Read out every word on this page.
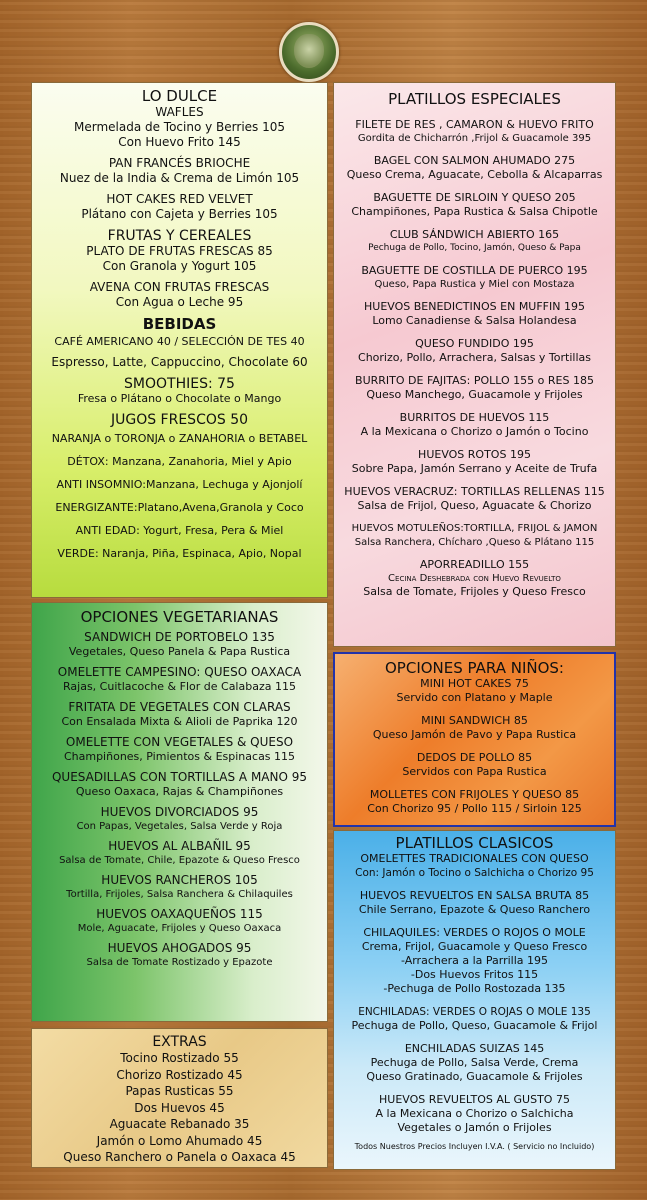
LO DULCE
WAFLES
Mermelada de Tocino y Berries 105
Con Huevo Frito 145
PAN FRANCÉS BRIOCHE
Nuez de la India & Crema de Limón 105
HOT CAKES RED VELVET
Plátano con Cajeta y Berries 105
FRUTAS Y CEREALES
PLATO DE FRUTAS FRESCAS 85
Con Granola y Yogurt 105
AVENA CON FRUTAS FRESCAS
Con Agua o Leche 95
BEBIDAS
CAFÉ AMERICANO 40 / SELECCIÓN DE TES 40
Espresso, Latte, Cappuccino, Chocolate 60
SMOOTHIES: 75
Fresa o Plátano o Chocolate o Mango
JUGOS FRESCOS 50
NARANJA o TORONJA o ZANAHORIA o BETABEL
DÉTOX: Manzana, Zanahoria, Miel y Apio
ANTI INSOMNIO:Manzana, Lechuga y Ajonjolí
ENERGIZANTE:Platano,Avena,Granola y Coco
ANTI EDAD: Yogurt, Fresa, Pera & Miel
VERDE: Naranja, Piña, Espinaca, Apio, Nopal
OPCIONES VEGETARIANAS
SANDWICH DE PORTOBELO 135
Vegetales, Queso Panela & Papa Rustica
OMELETTE CAMPESINO: QUESO OAXACA
Rajas, Cuitlacoche & Flor de Calabaza 115
FRITATA DE VEGETALES CON CLARAS
Con Ensalada Mixta & Alioli de Paprika 120
OMELETTE CON VEGETALES & QUESO
Champiñones, Pimientos & Espinacas 115
QUESADILLAS CON TORTILLAS A MANO 95
Queso Oaxaca, Rajas & Champiñones
HUEVOS DIVORCIADOS 95
Con Papas, Vegetales, Salsa Verde y Roja
HUEVOS AL ALBAÑIL 95
Salsa de Tomate, Chile, Epazote & Queso Fresco
HUEVOS RANCHEROS 105
Tortilla, Frijoles, Salsa Ranchera & Chilaquiles
HUEVOS OAXAQUEÑOS 115
Mole, Aguacate, Frijoles y Queso Oaxaca
HUEVOS AHOGADOS 95
Salsa de Tomate Rostizado y Epazote
EXTRAS
Tocino Rostizado 55
Chorizo Rostizado 45
Papas Rusticas 55
Dos Huevos 45
Aguacate Rebanado 35
Jamón o Lomo Ahumado 45
Queso Ranchero o Panela o Oaxaca 45
PLATILLOS ESPECIALES
FILETE DE RES , CAMARON & HUEVO FRITO
Gordita de Chicharrón ,Frijol & Guacamole 395
BAGEL CON SALMON AHUMADO 275
Queso Crema, Aguacate, Cebolla & Alcaparras
BAGUETTE DE SIRLOIN Y QUESO 205
Champiñones, Papa Rustica & Salsa Chipotle
CLUB SÁNDWICH ABIERTO 165
Pechuga de Pollo, Tocino, Jamón, Queso & Papa
BAGUETTE DE COSTILLA DE PUERCO 195
Queso, Papa Rustica y Miel con Mostaza
HUEVOS BENEDICTINOS EN MUFFIN 195
Lomo Canadiense & Salsa Holandesa
QUESO FUNDIDO 195
Chorizo, Pollo, Arrachera, Salsas y Tortillas
BURRITO DE FAJITAS: POLLO 155 o RES 185
Queso Manchego, Guacamole y Frijoles
BURRITOS DE HUEVOS 115
A la Mexicana o Chorizo o Jamón o Tocino
HUEVOS ROTOS 195
Sobre Papa, Jamón Serrano y Aceite de Trufa
HUEVOS VERACRUZ: TORTILLAS RELLENAS 115
Salsa de Frijol, Queso, Aguacate & Chorizo
HUEVOS MOTULEÑOS:TORTILLA, FRIJOL & JAMON
Salsa Ranchera, Chícharo ,Queso & Plátano 115
APORREADILLO 155
Cecina Deshebrada con Huevo Revuelto
Salsa de Tomate, Frijoles y Queso Fresco
OPCIONES PARA NIÑOS:
MINI HOT CAKES 75
Servido con Platano y Maple
MINI SANDWICH 85
Queso Jamón de Pavo y Papa Rustica
DEDOS DE POLLO 85
Servidos con Papa Rustica
MOLLETES CON FRIJOLES Y QUESO 85
Con Chorizo 95 / Pollo 115 / Sirloin 125
PLATILLOS CLASICOS
OMELETTES TRADICIONALES CON QUESO
Con: Jamón o Tocino o Salchicha o Chorizo 95
HUEVOS REVUELTOS EN SALSA BRUTA 85
Chile Serrano, Epazote & Queso Ranchero
CHILAQUILES: VERDES O ROJOS O MOLE
Crema, Frijol, Guacamole y Queso Fresco
-Arrachera a la Parrilla 195
-Dos Huevos Fritos 115
-Pechuga de Pollo Rostozada 135
ENCHILADAS: VERDES O ROJAS O MOLE 135
Pechuga de Pollo, Queso, Guacamole & Frijol
ENCHILADAS SUIZAS 145
Pechuga de Pollo, Salsa Verde, Crema
Queso Gratinado, Guacamole & Frijoles
HUEVOS REVUELTOS AL GUSTO 75
A la Mexicana o Chorizo o Salchicha
Vegetales o Jamón o Frijoles
Todos Nuestros Precios Incluyen I.V.A. ( Servicio no Incluido)
